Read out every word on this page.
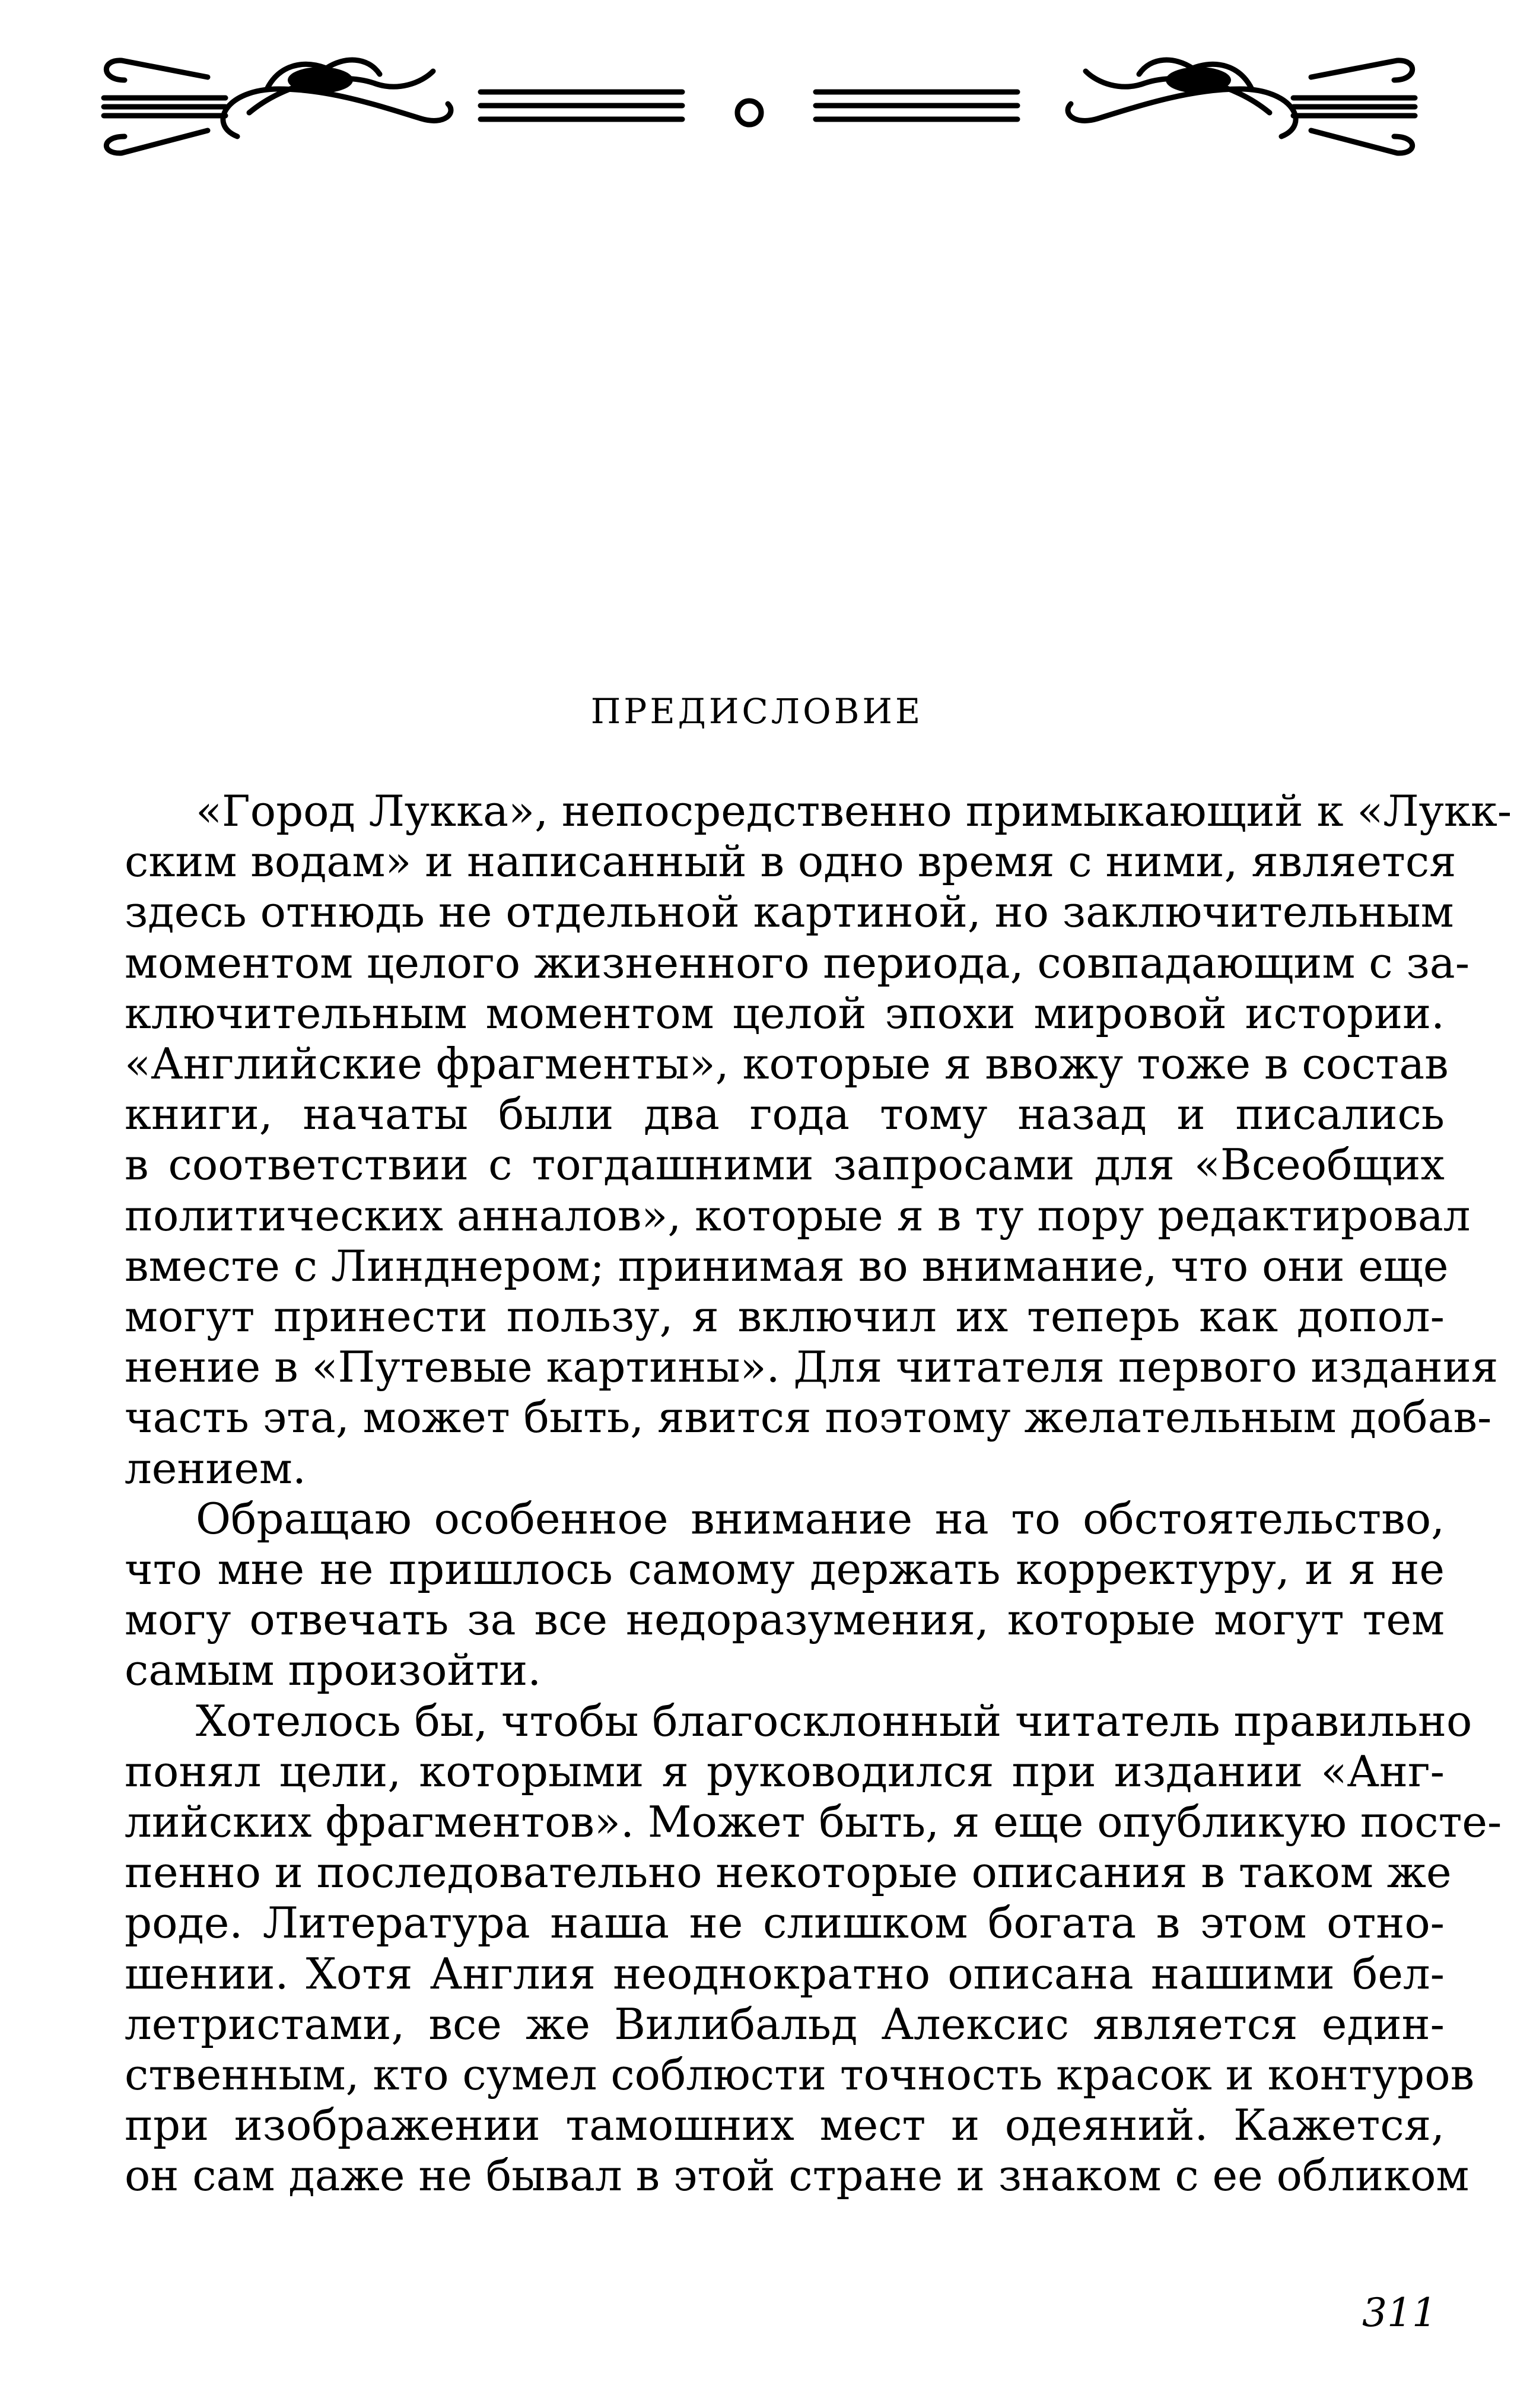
ПРЕДИСЛОВИЕ

«Город Лукка», непосредственно примыкающий к «Лукк-
ским водам» и написанный в одно время с ними, является
здесь отнюдь не отдельной картиной, но заключительным
моментом целого жизненного периода, совпадающим с за-
ключительным моментом целой эпохи мировой истории.
«Английские фрагменты», которые я ввожу тоже в состав
книги, начаты были два года тому назад и писались
в соответствии с тогдашними запросами для «Всеобщих
политических анналов», которые я в ту пору редактировал
вместе с Линднером; принимая во внимание, что они еще
могут принести пользу, я включил их теперь как допол-
нение в «Путевые картины». Для читателя первого издания
часть эта, может быть, явится поэтому желательным добав-
лением.

Обращаю особенное внимание на то обстоятельство,
что мне не пришлось самому держать корректуру, и я не
могу отвечать за все недоразумения, которые могут тем
самым произойти.

Хотелось бы, чтобы благосклонный читатель правильно
понял цели, которыми я руководился при издании «Анг-
лийских фрагментов». Может быть, я еще опубликую посте-
пенно и последовательно некоторые описания в таком же
роде. Литература наша не слишком богата в этом отно-
шении. Хотя Англия неоднократно описана нашими бел-
летристами, все же Вилибальд Алексис является един-
ственным, кто сумел соблюсти точность красок и контуров
при изображении тамошних мест и одеяний. Кажется,
он сам даже не бывал в этой стране и знаком с ее обликом

311
